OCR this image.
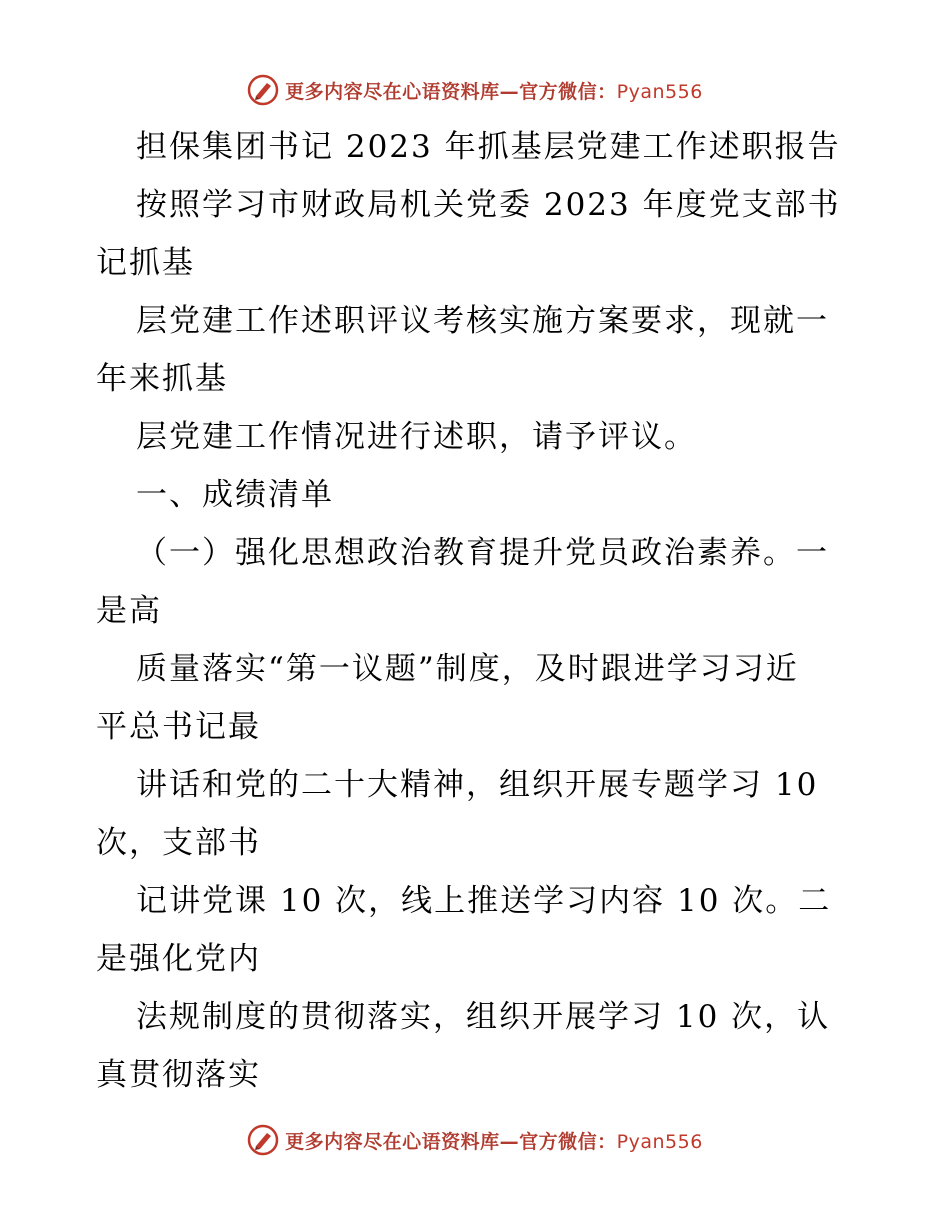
更多内容尽在心语资料库—官方微信：Pyan556
担保集团书记 2023 年抓基层党建工作述职报告
按照学习市财政局机关党委 2023 年度党支部书
记抓基
层党建工作述职评议考核实施方案要求，现就一
年来抓基
层党建工作情况进行述职，请予评议。
一、成绩清单
（一）强化思想政治教育提升党员政治素养。一
是高
质量落实“第一议题”制度，及时跟进学习习近
平总书记最
讲话和党的二十大精神，组织开展专题学习 10
次，支部书
记讲党课 10 次，线上推送学习内容 10 次。二
是强化党内
法规制度的贯彻落实，组织开展学习 10 次，认
真贯彻落实
更多内容尽在心语资料库—官方微信：Pyan556
